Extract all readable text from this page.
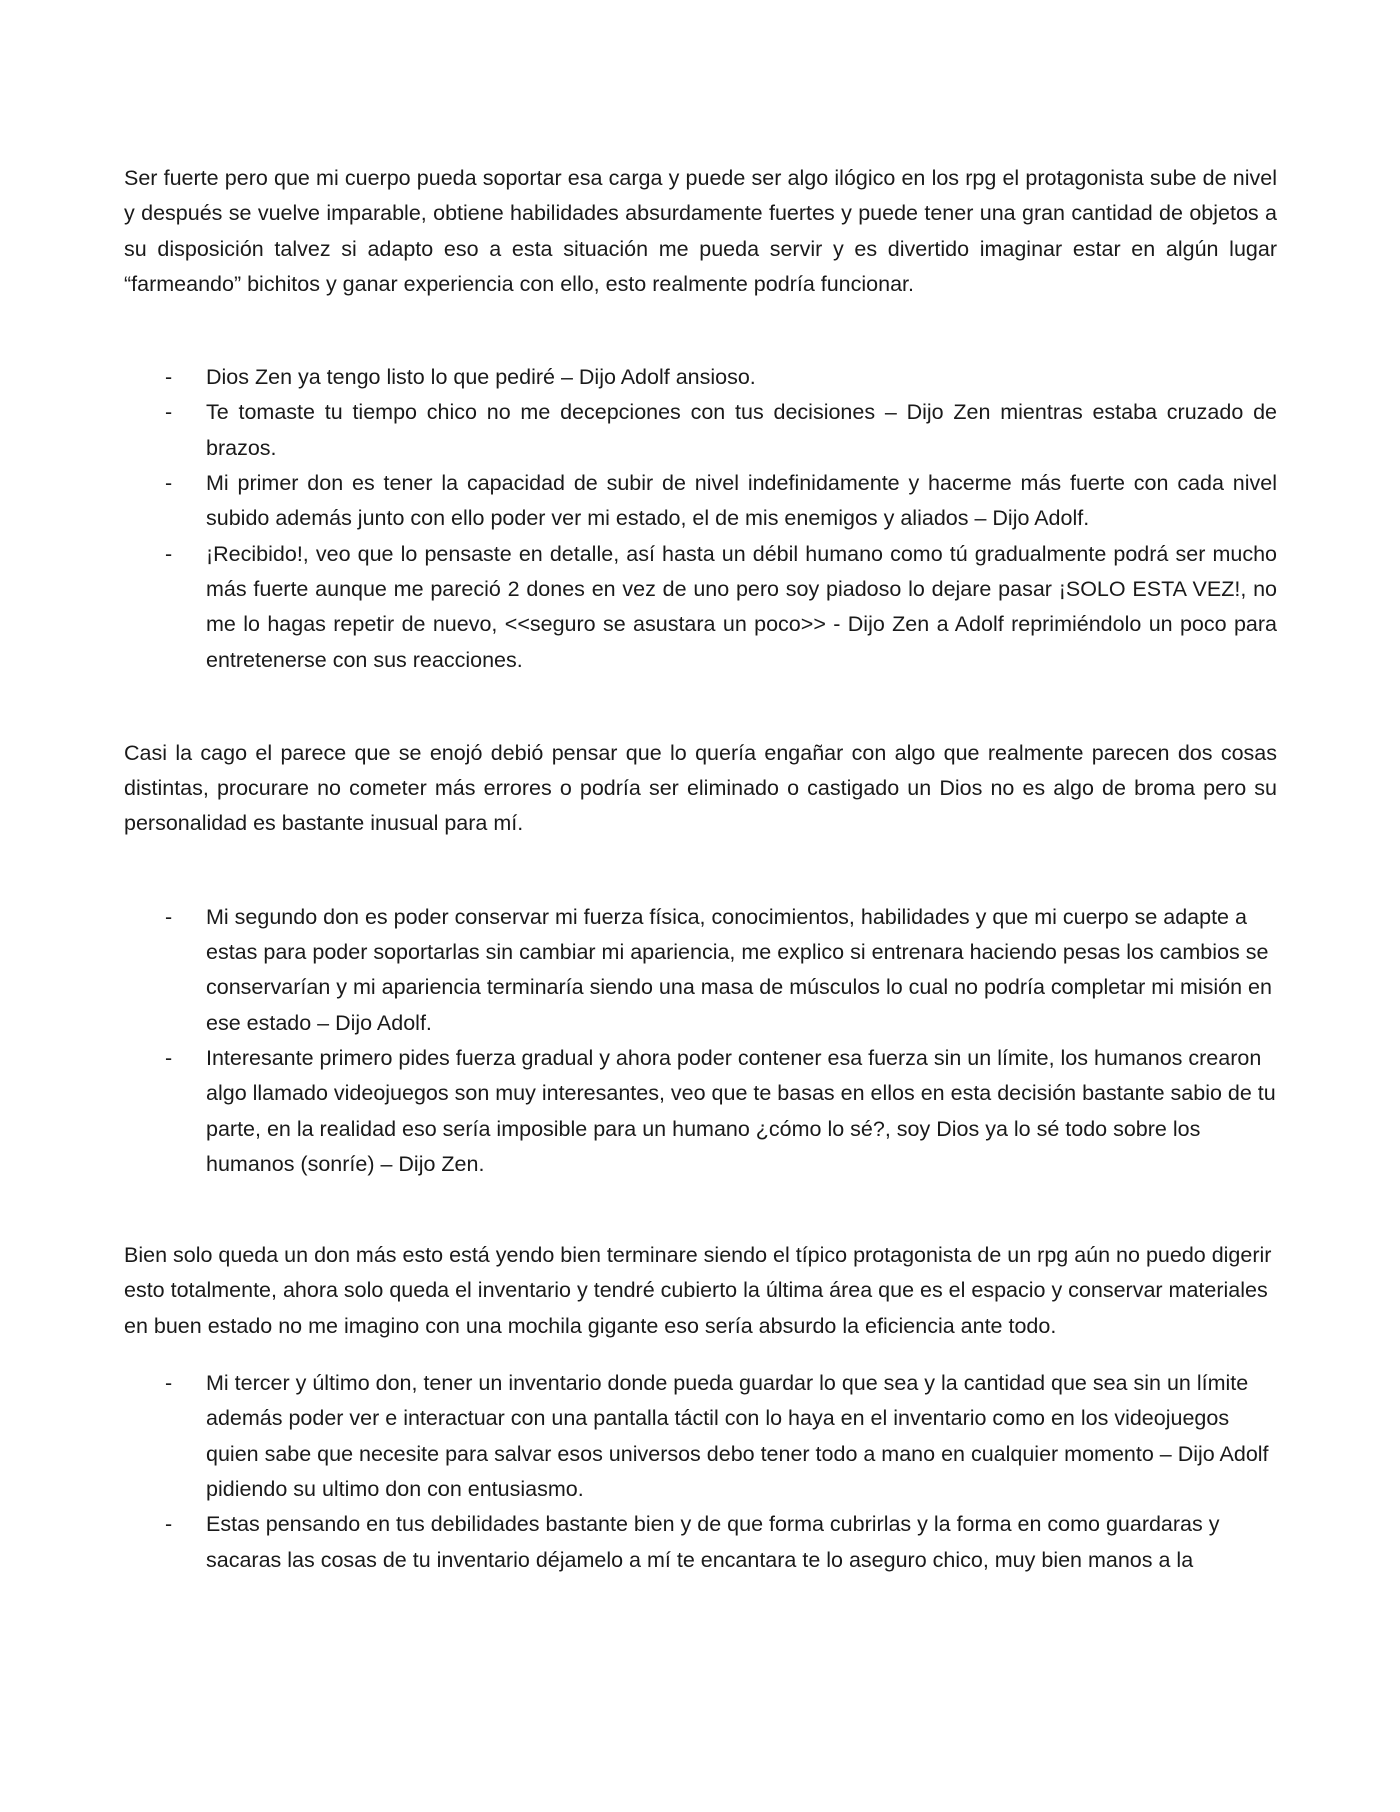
Ser fuerte pero que mi cuerpo pueda soportar esa carga y puede ser algo ilógico en los rpg el protagonista sube de nivel y después se vuelve imparable, obtiene habilidades absurdamente fuertes y puede tener una gran cantidad de objetos a su disposición talvez si adapto eso a esta situación me pueda servir y es divertido imaginar estar en algún lugar “farmeando” bichitos y ganar experiencia con ello, esto realmente podría funcionar.

- Dios Zen ya tengo listo lo que pediré – Dijo Adolf ansioso.
- Te tomaste tu tiempo chico no me decepciones con tus decisiones – Dijo Zen mientras estaba cruzado de brazos.
- Mi primer don es tener la capacidad de subir de nivel indefinidamente y hacerme más fuerte con cada nivel subido además junto con ello poder ver mi estado, el de mis enemigos y aliados – Dijo Adolf.
- ¡Recibido!, veo que lo pensaste en detalle, así hasta un débil humano como tú gradualmente podrá ser mucho más fuerte aunque me pareció 2 dones en vez de uno pero soy piadoso lo dejare pasar ¡SOLO ESTA VEZ!, no me lo hagas repetir de nuevo, <<seguro se asustara un poco>> - Dijo Zen a Adolf reprimiéndolo un poco para entretenerse con sus reacciones.

Casi la cago el parece que se enojó debió pensar que lo quería engañar con algo que realmente parecen dos cosas distintas, procurare no cometer más errores o podría ser eliminado o castigado un Dios no es algo de broma pero su personalidad es bastante inusual para mí.

- Mi segundo don es poder conservar mi fuerza física, conocimientos, habilidades y que mi cuerpo se adapte a estas para poder soportarlas sin cambiar mi apariencia, me explico si entrenara haciendo pesas los cambios se conservarían y mi apariencia terminaría siendo una masa de músculos lo cual no podría completar mi misión en ese estado – Dijo Adolf.
- Interesante primero pides fuerza gradual y ahora poder contener esa fuerza sin un límite, los humanos crearon algo llamado videojuegos son muy interesantes, veo que te basas en ellos en esta decisión bastante sabio de tu parte, en la realidad eso sería imposible para un humano ¿cómo lo sé?, soy Dios ya lo sé todo sobre los humanos (sonríe) – Dijo Zen.

Bien solo queda un don más esto está yendo bien terminare siendo el típico protagonista de un rpg aún no puedo digerir esto totalmente, ahora solo queda el inventario y tendré cubierto la última área que es el espacio y conservar materiales en buen estado no me imagino con una mochila gigante eso sería absurdo la eficiencia ante todo.

- Mi tercer y último don, tener un inventario donde pueda guardar lo que sea y la cantidad que sea sin un límite además poder ver e interactuar con una pantalla táctil con lo haya en el inventario como en los videojuegos quien sabe que necesite para salvar esos universos debo tener todo a mano en cualquier momento – Dijo Adolf pidiendo su ultimo don con entusiasmo.
- Estas pensando en tus debilidades bastante bien y de que forma cubrirlas y la forma en como guardaras y sacaras las cosas de tu inventario déjamelo a mí te encantara te lo aseguro chico, muy bien manos a la
